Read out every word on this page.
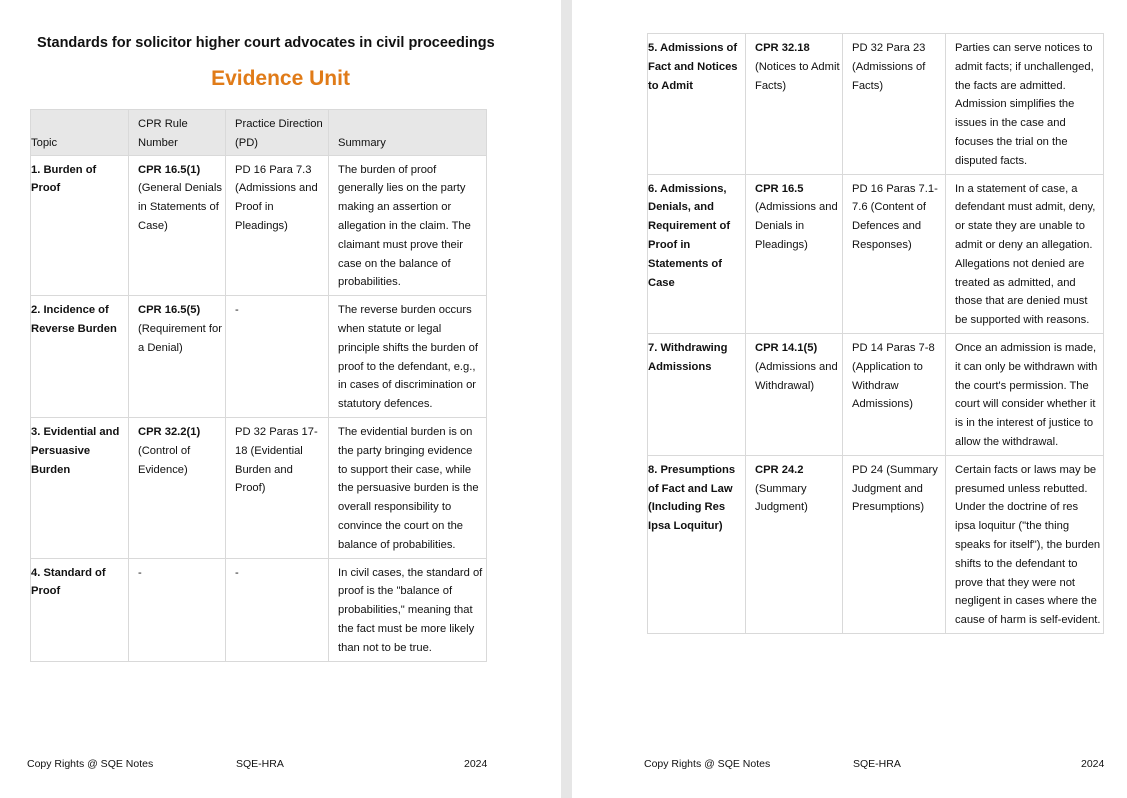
Standards for solicitor higher court advocates in civil proceedings
Evidence Unit
Topic	CPR Rule Number	Practice Direction (PD)	Summary
1. Burden of Proof	CPR 16.5(1) (General Denials in Statements of Case)	PD 16 Para 7.3 (Admissions and Proof in Pleadings)	The burden of proof generally lies on the party making an assertion or allegation in the claim. The claimant must prove their case on the balance of probabilities.
2. Incidence of Reverse Burden	CPR 16.5(5) (Requirement for a Denial)	-	The reverse burden occurs when statute or legal principle shifts the burden of proof to the defendant, e.g., in cases of discrimination or statutory defences.
3. Evidential and Persuasive Burden	CPR 32.2(1) (Control of Evidence)	PD 32 Paras 17-18 (Evidential Burden and Proof)	The evidential burden is on the party bringing evidence to support their case, while the persuasive burden is the overall responsibility to convince the court on the balance of probabilities.
4. Standard of Proof	-	-	In civil cases, the standard of proof is the "balance of probabilities," meaning that the fact must be more likely than not to be true.
Copy Rights @ SQE Notes	SQE-HRA	2024
5. Admissions of Fact and Notices to Admit	CPR 32.18 (Notices to Admit Facts)	PD 32 Para 23 (Admissions of Facts)	Parties can serve notices to admit facts; if unchallenged, the facts are admitted. Admission simplifies the issues in the case and focuses the trial on the disputed facts.
6. Admissions, Denials, and Requirement of Proof in Statements of Case	CPR 16.5 (Admissions and Denials in Pleadings)	PD 16 Paras 7.1-7.6 (Content of Defences and Responses)	In a statement of case, a defendant must admit, deny, or state they are unable to admit or deny an allegation. Allegations not denied are treated as admitted, and those that are denied must be supported with reasons.
7. Withdrawing Admissions	CPR 14.1(5) (Admissions and Withdrawal)	PD 14 Paras 7-8 (Application to Withdraw Admissions)	Once an admission is made, it can only be withdrawn with the court's permission. The court will consider whether it is in the interest of justice to allow the withdrawal.
8. Presumptions of Fact and Law (Including Res Ipsa Loquitur)	CPR 24.2 (Summary Judgment)	PD 24 (Summary Judgment and Presumptions)	Certain facts or laws may be presumed unless rebutted. Under the doctrine of res ipsa loquitur ("the thing speaks for itself"), the burden shifts to the defendant to prove that they were not negligent in cases where the cause of harm is self-evident.
Copy Rights @ SQE Notes	SQE-HRA	2024
